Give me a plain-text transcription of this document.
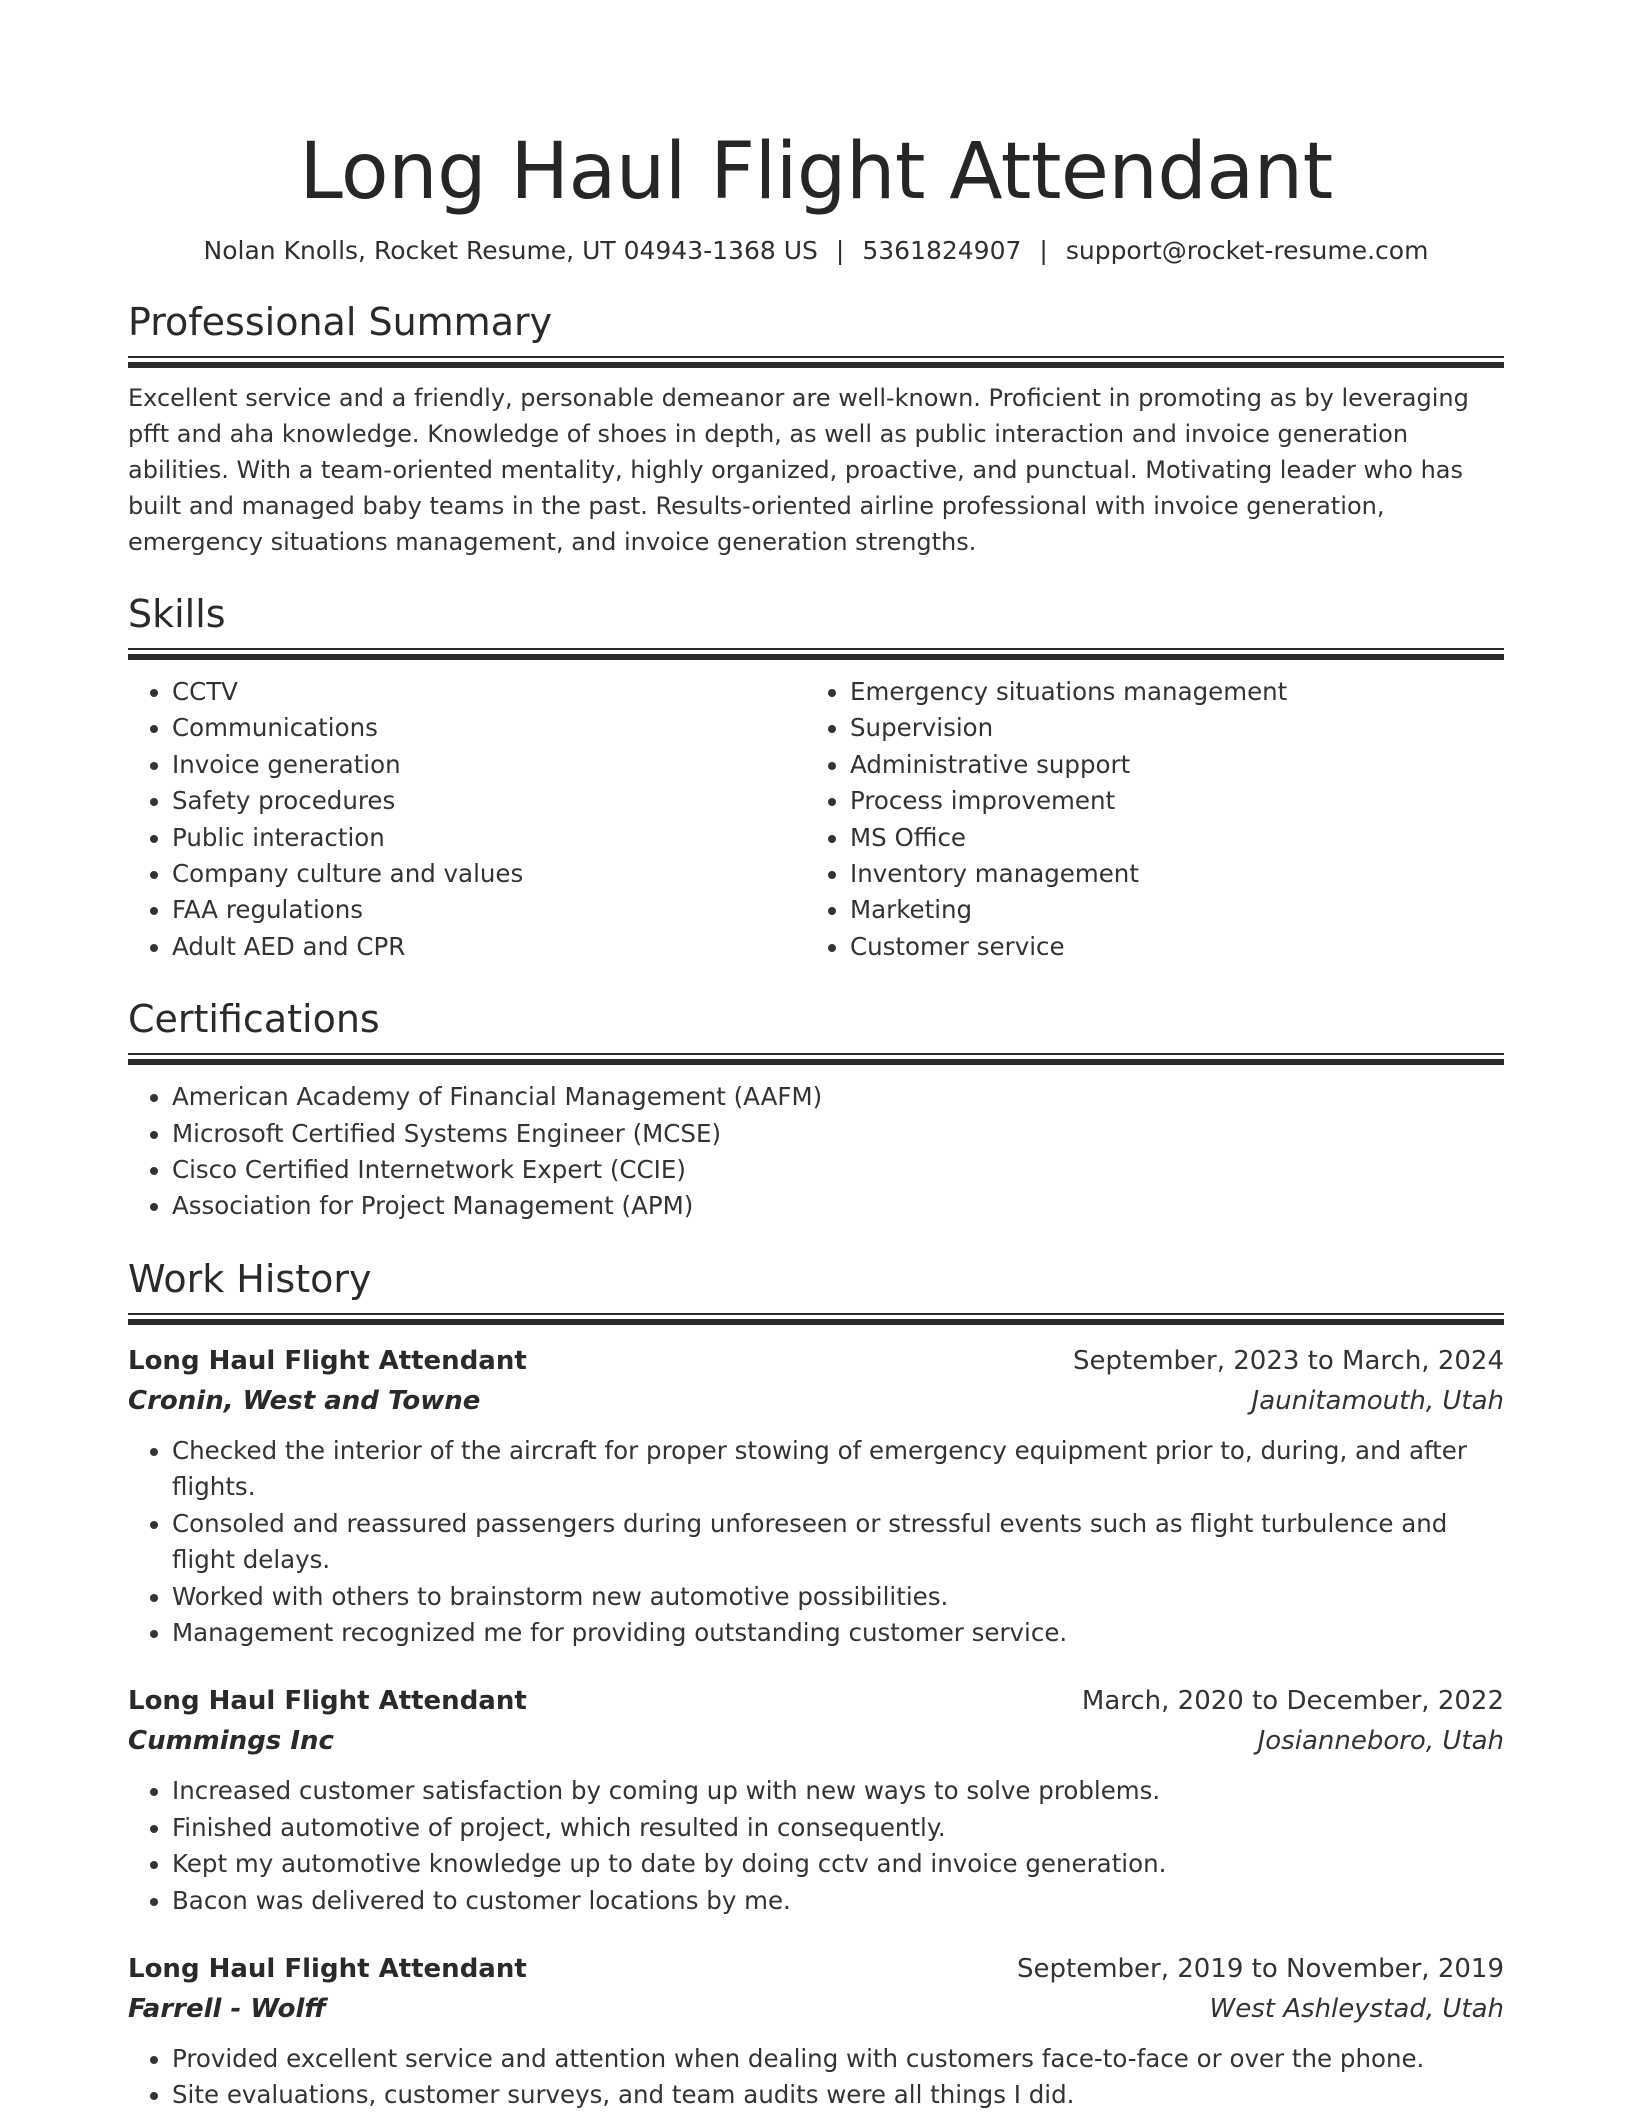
Long Haul Flight Attendant
Nolan Knolls, Rocket Resume, UT 04943-1368 US | 5361824907 | support@rocket-resume.com
Professional Summary

Excellent service and a friendly, personable demeanor are well-known. Proficient in promoting as by leveraging pfft and aha knowledge. Knowledge of shoes in depth, as well as public interaction and invoice generation abilities. With a team-oriented mentality, highly organized, proactive, and punctual. Motivating leader who has built and managed baby teams in the past. Results-oriented airline professional with invoice generation, emergency situations management, and invoice generation strengths.

Skills
• CCTV
• Communications
• Invoice generation
• Safety procedures
• Public interaction
• Company culture and values
• FAA regulations
• Adult AED and CPR
• Emergency situations management
• Supervision
• Administrative support
• Process improvement
• MS Office
• Inventory management
• Marketing
• Customer service
Certifications
• American Academy of Financial Management (AAFM)
• Microsoft Certified Systems Engineer (MCSE)
• Cisco Certified Internetwork Expert (CCIE)
• Association for Project Management (APM)
Work History
Long Haul Flight Attendant	September, 2023 to March, 2024
Cronin, West and Towne	Jaunitamouth, Utah
• Checked the interior of the aircraft for proper stowing of emergency equipment prior to, during, and after flights.
• Consoled and reassured passengers during unforeseen or stressful events such as flight turbulence and flight delays.
• Worked with others to brainstorm new automotive possibilities.
• Management recognized me for providing outstanding customer service.
Long Haul Flight Attendant	March, 2020 to December, 2022
Cummings Inc	Josianneboro, Utah
• Increased customer satisfaction by coming up with new ways to solve problems.
• Finished automotive of project, which resulted in consequently.
• Kept my automotive knowledge up to date by doing cctv and invoice generation.
• Bacon was delivered to customer locations by me.
Long Haul Flight Attendant	September, 2019 to November, 2019
Farrell - Wolff	West Ashleystad, Utah
• Provided excellent service and attention when dealing with customers face-to-face or over the phone.
• Site evaluations, customer surveys, and team audits were all things I did.
